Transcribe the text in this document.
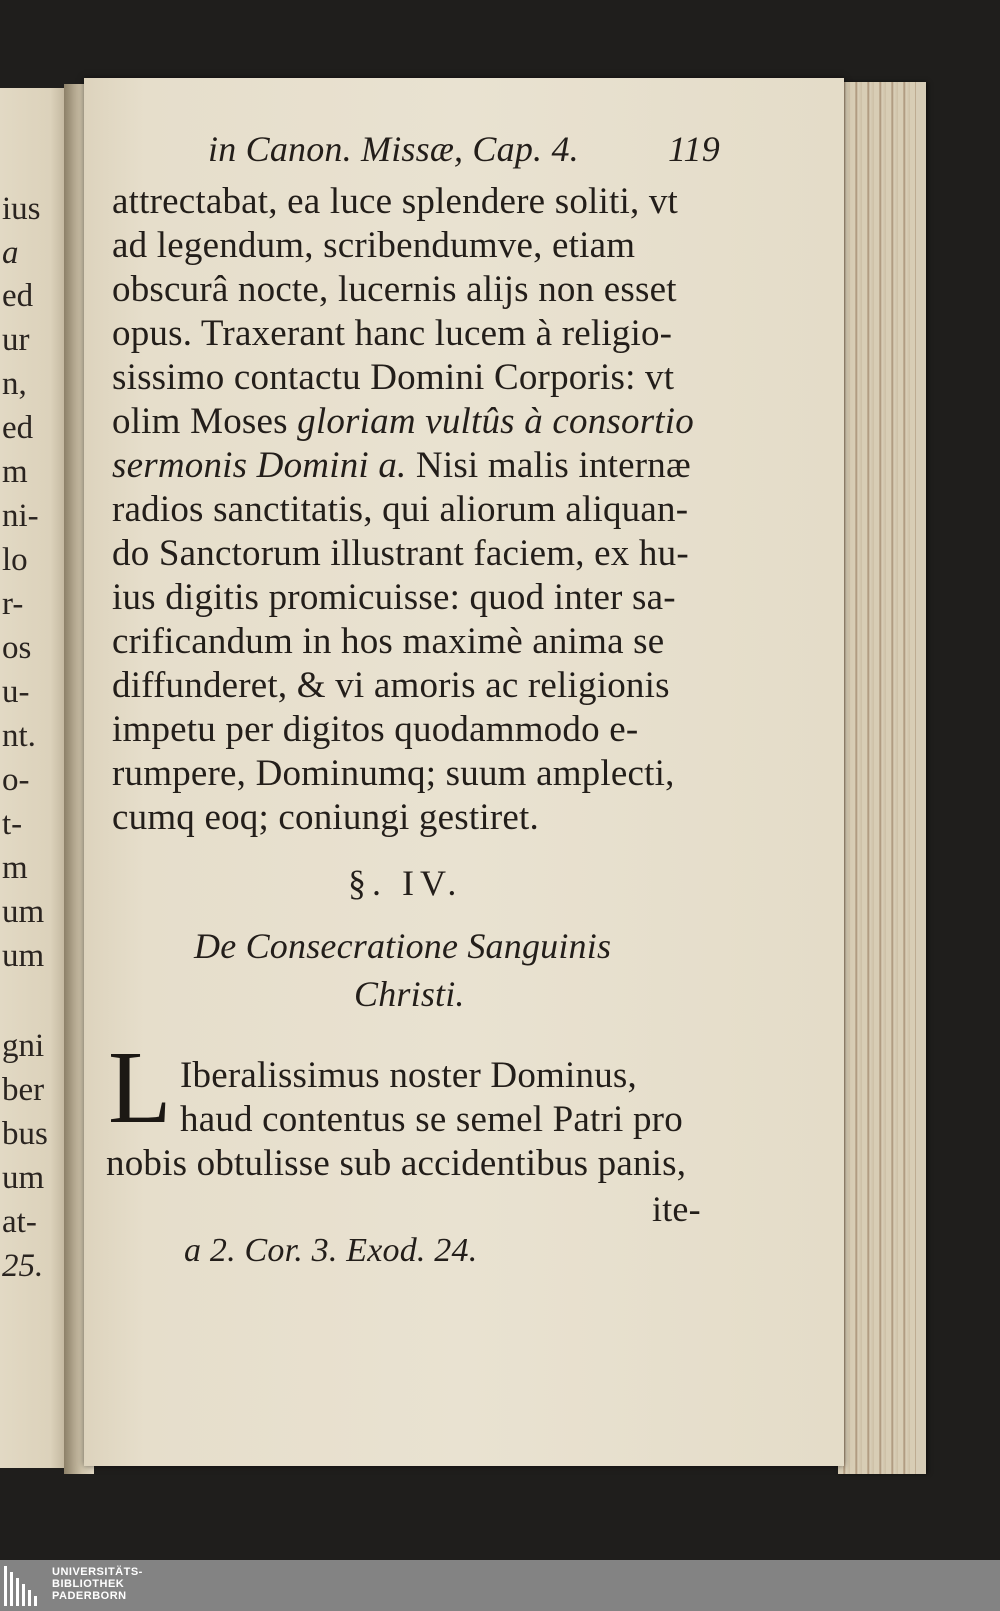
ius
a
ed
ur
n,
ed
m
ni-
lo
r-
os
u-
nt.
o-
t-
m
um
um
gni
ber
bus
um
at-
25.
in Canon. Missæ, Cap. 4. 119
attrectabat, ea luce splendere soliti, vt
ad legendum, scribendumve, etiam
obscurâ nocte, lucernis alijs non esset
opus. Traxerant hanc lucem à religio-
sissimo contactu Domini Corporis: vt
olim Moses gloriam vultûs à consortio
sermonis Domini a. Nisi malis internæ
radios sanctitatis, qui aliorum aliquan-
do Sanctorum illustrant faciem, ex hu-
ius digitis promicuisse: quod inter sa-
crificandum in hos maximè anima se
diffunderet, & vi amoris ac religionis
impetu per digitos quodammodo e-
rumpere, Dominumq; suum amplecti,
cumq eoq; coniungi gestiret.
§. IV.
De Consecratione Sanguinis
Christi.
L Iberalissimus noster Dominus,
haud contentus se semel Patri pro
nobis obtulisse sub accidentibus panis,
ite-
a 2. Cor. 3. Exod. 24.
UNIVERSITÄTS-
BIBLIOTHEK
PADERBORN
